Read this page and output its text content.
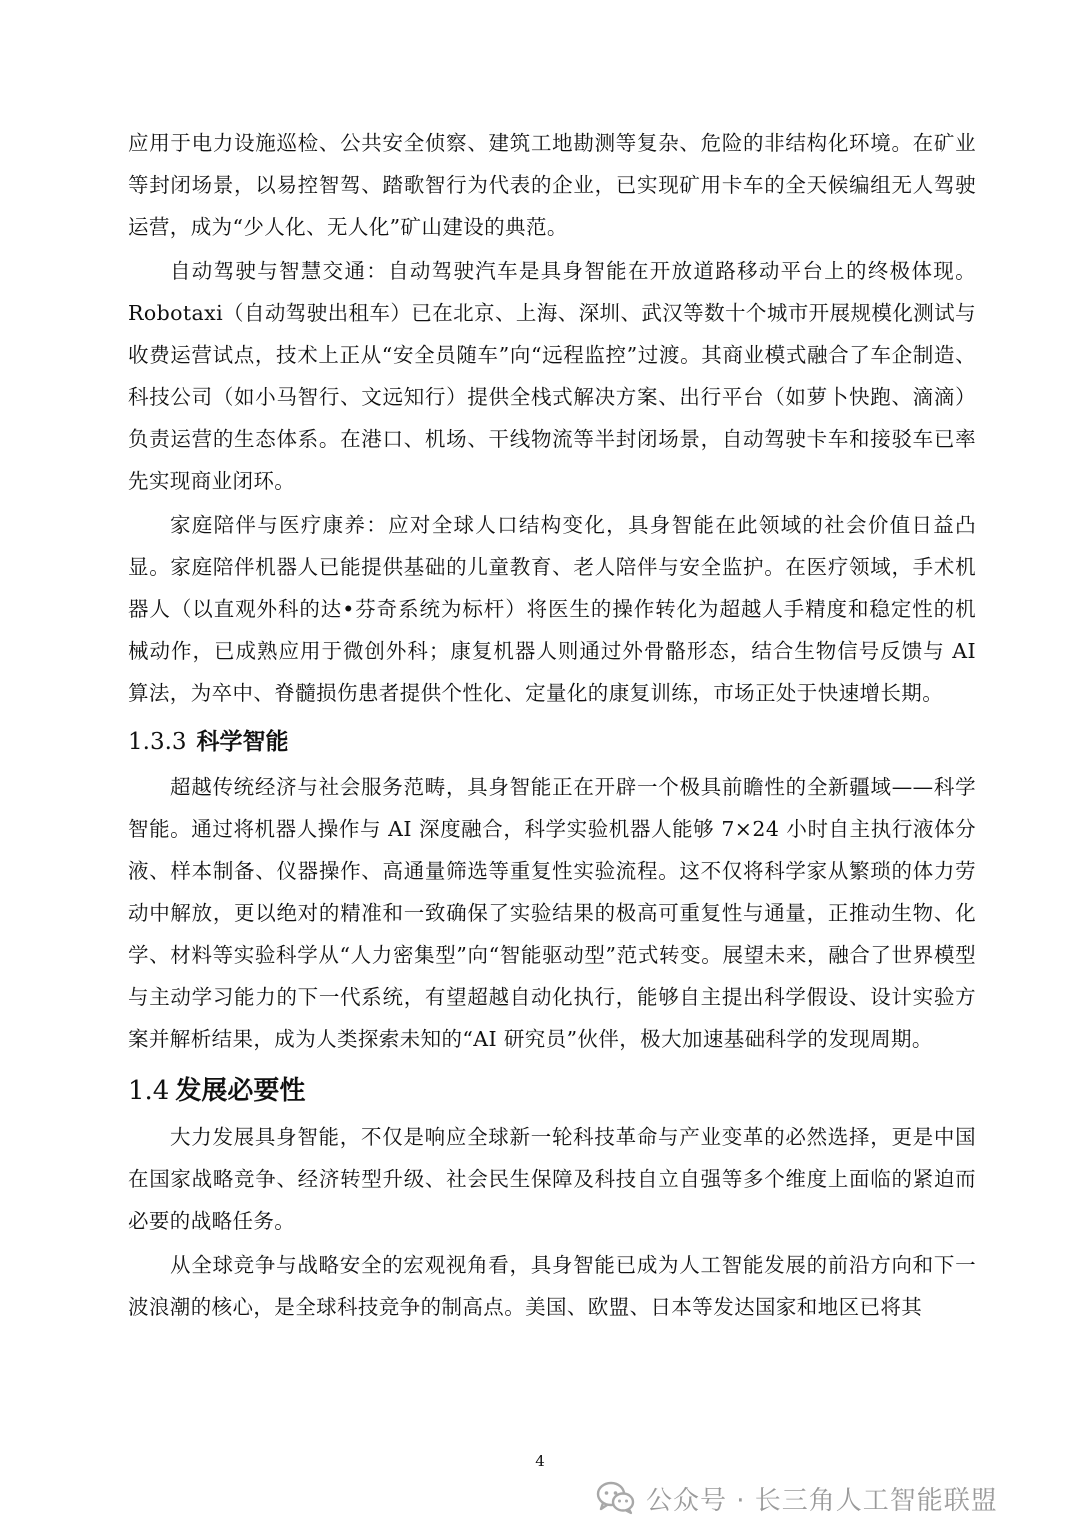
应用于电力设施巡检、公共安全侦察、建筑工地勘测等复杂、危险的非结构化环境。在矿业等封闭场景，以易控智驾、踏歌智行为代表的企业，已实现矿用卡车的全天候编组无人驾驶运营，成为“少人化、无人化”矿山建设的典范。

自动驾驶与智慧交通：自动驾驶汽车是具身智能在开放道路移动平台上的终极体现。Robotaxi（自动驾驶出租车）已在北京、上海、深圳、武汉等数十个城市开展规模化测试与收费运营试点，技术上正从“安全员随车”向“远程监控”过渡。其商业模式融合了车企制造、科技公司（如小马智行、文远知行）提供全栈式解决方案、出行平台（如萝卜快跑、滴滴）负责运营的生态体系。在港口、机场、干线物流等半封闭场景，自动驾驶卡车和接驳车已率先实现商业闭环。

家庭陪伴与医疗康养：应对全球人口结构变化，具身智能在此领域的社会价值日益凸显。家庭陪伴机器人已能提供基础的儿童教育、老人陪伴与安全监护。在医疗领域，手术机器人（以直观外科的达•芬奇系统为标杆）将医生的操作转化为超越人手精度和稳定性的机械动作，已成熟应用于微创外科；康复机器人则通过外骨骼形态，结合生物信号反馈与 AI 算法，为卒中、脊髓损伤患者提供个性化、定量化的康复训练，市场正处于快速增长期。

1.3.3 科学智能

超越传统经济与社会服务范畴，具身智能正在开辟一个极具前瞻性的全新疆域——科学智能。通过将机器人操作与 AI 深度融合，科学实验机器人能够 7×24 小时自主执行液体分液、样本制备、仪器操作、高通量筛选等重复性实验流程。这不仅将科学家从繁琐的体力劳动中解放，更以绝对的精准和一致确保了实验结果的极高可重复性与通量，正推动生物、化学、材料等实验科学从“人力密集型”向“智能驱动型”范式转变。展望未来，融合了世界模型与主动学习能力的下一代系统，有望超越自动化执行，能够自主提出科学假设、设计实验方案并解析结果，成为人类探索未知的“AI 研究员”伙伴，极大加速基础科学的发现周期。

1.4 发展必要性

大力发展具身智能，不仅是响应全球新一轮科技革命与产业变革的必然选择，更是中国在国家战略竞争、经济转型升级、社会民生保障及科技自立自强等多个维度上面临的紧迫而必要的战略任务。

从全球竞争与战略安全的宏观视角看，具身智能已成为人工智能发展的前沿方向和下一波浪潮的核心，是全球科技竞争的制高点。美国、欧盟、日本等发达国家和地区已将其

4
公众号 · 长三角人工智能联盟
